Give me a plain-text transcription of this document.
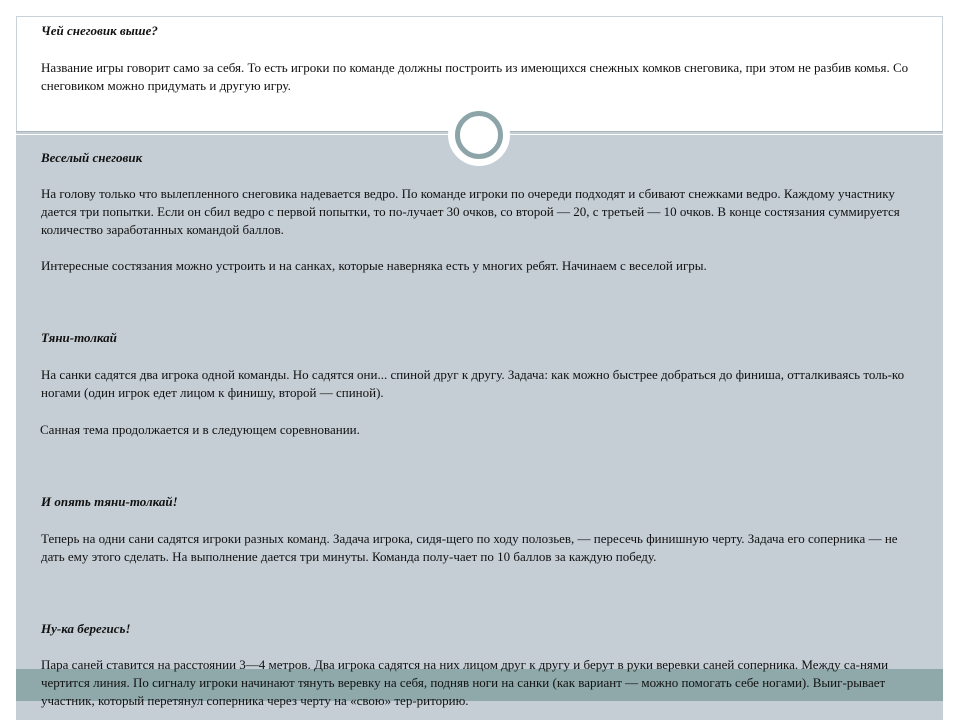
Чей снеговик выше?

Название игры говорит само за себя. То есть игроки по команде должны построить из имеющихся снежных комков снеговика, при этом не разбив комья. Со снеговиком можно придумать и другую игру.

Веселый снеговик

На голову только что вылепленного снеговика надевается ведро. По команде игроки по очереди подходят и сбивают снежками ведро. Каждому участнику дается три попытки. Если он сбил ведро с первой попытки, то по-лучает 30 очков, со второй — 20, с третьей — 10 очков. В конце состязания суммируется количество заработанных командой баллов.

Интересные состязания можно устроить и на санках, которые наверняка есть у многих ребят. Начинаем с веселой игры.

Тяни-толкай

На санки садятся два игрока одной команды. Но садятся они... спиной друг к другу. Задача: как можно быстрее добраться до финиша, отталкиваясь толь-ко ногами (один игрок едет лицом к финишу, второй — спиной).

Санная тема продолжается и в следующем соревновании.

И опять тяни-толкай!

Теперь на одни сани садятся игроки разных команд. Задача игрока, сидя-щего по ходу полозьев, — пересечь финишную черту. Задача его соперника — не дать ему этого сделать. На выполнение дается три минуты. Команда полу-чает по 10 баллов за каждую победу.

Ну-ка берегись!

Пара саней ставится на расстоянии 3—4 метров. Два игрока садятся на них лицом друг к другу и берут в руки веревки саней соперника. Между са-нями чертится линия. По сигналу игроки начинают тянуть веревку на себя, подняв ноги на санки (как вариант — можно помогать себе ногами). Выиг-рывает участник, который перетянул соперника через черту на «свою» тер-риторию.
